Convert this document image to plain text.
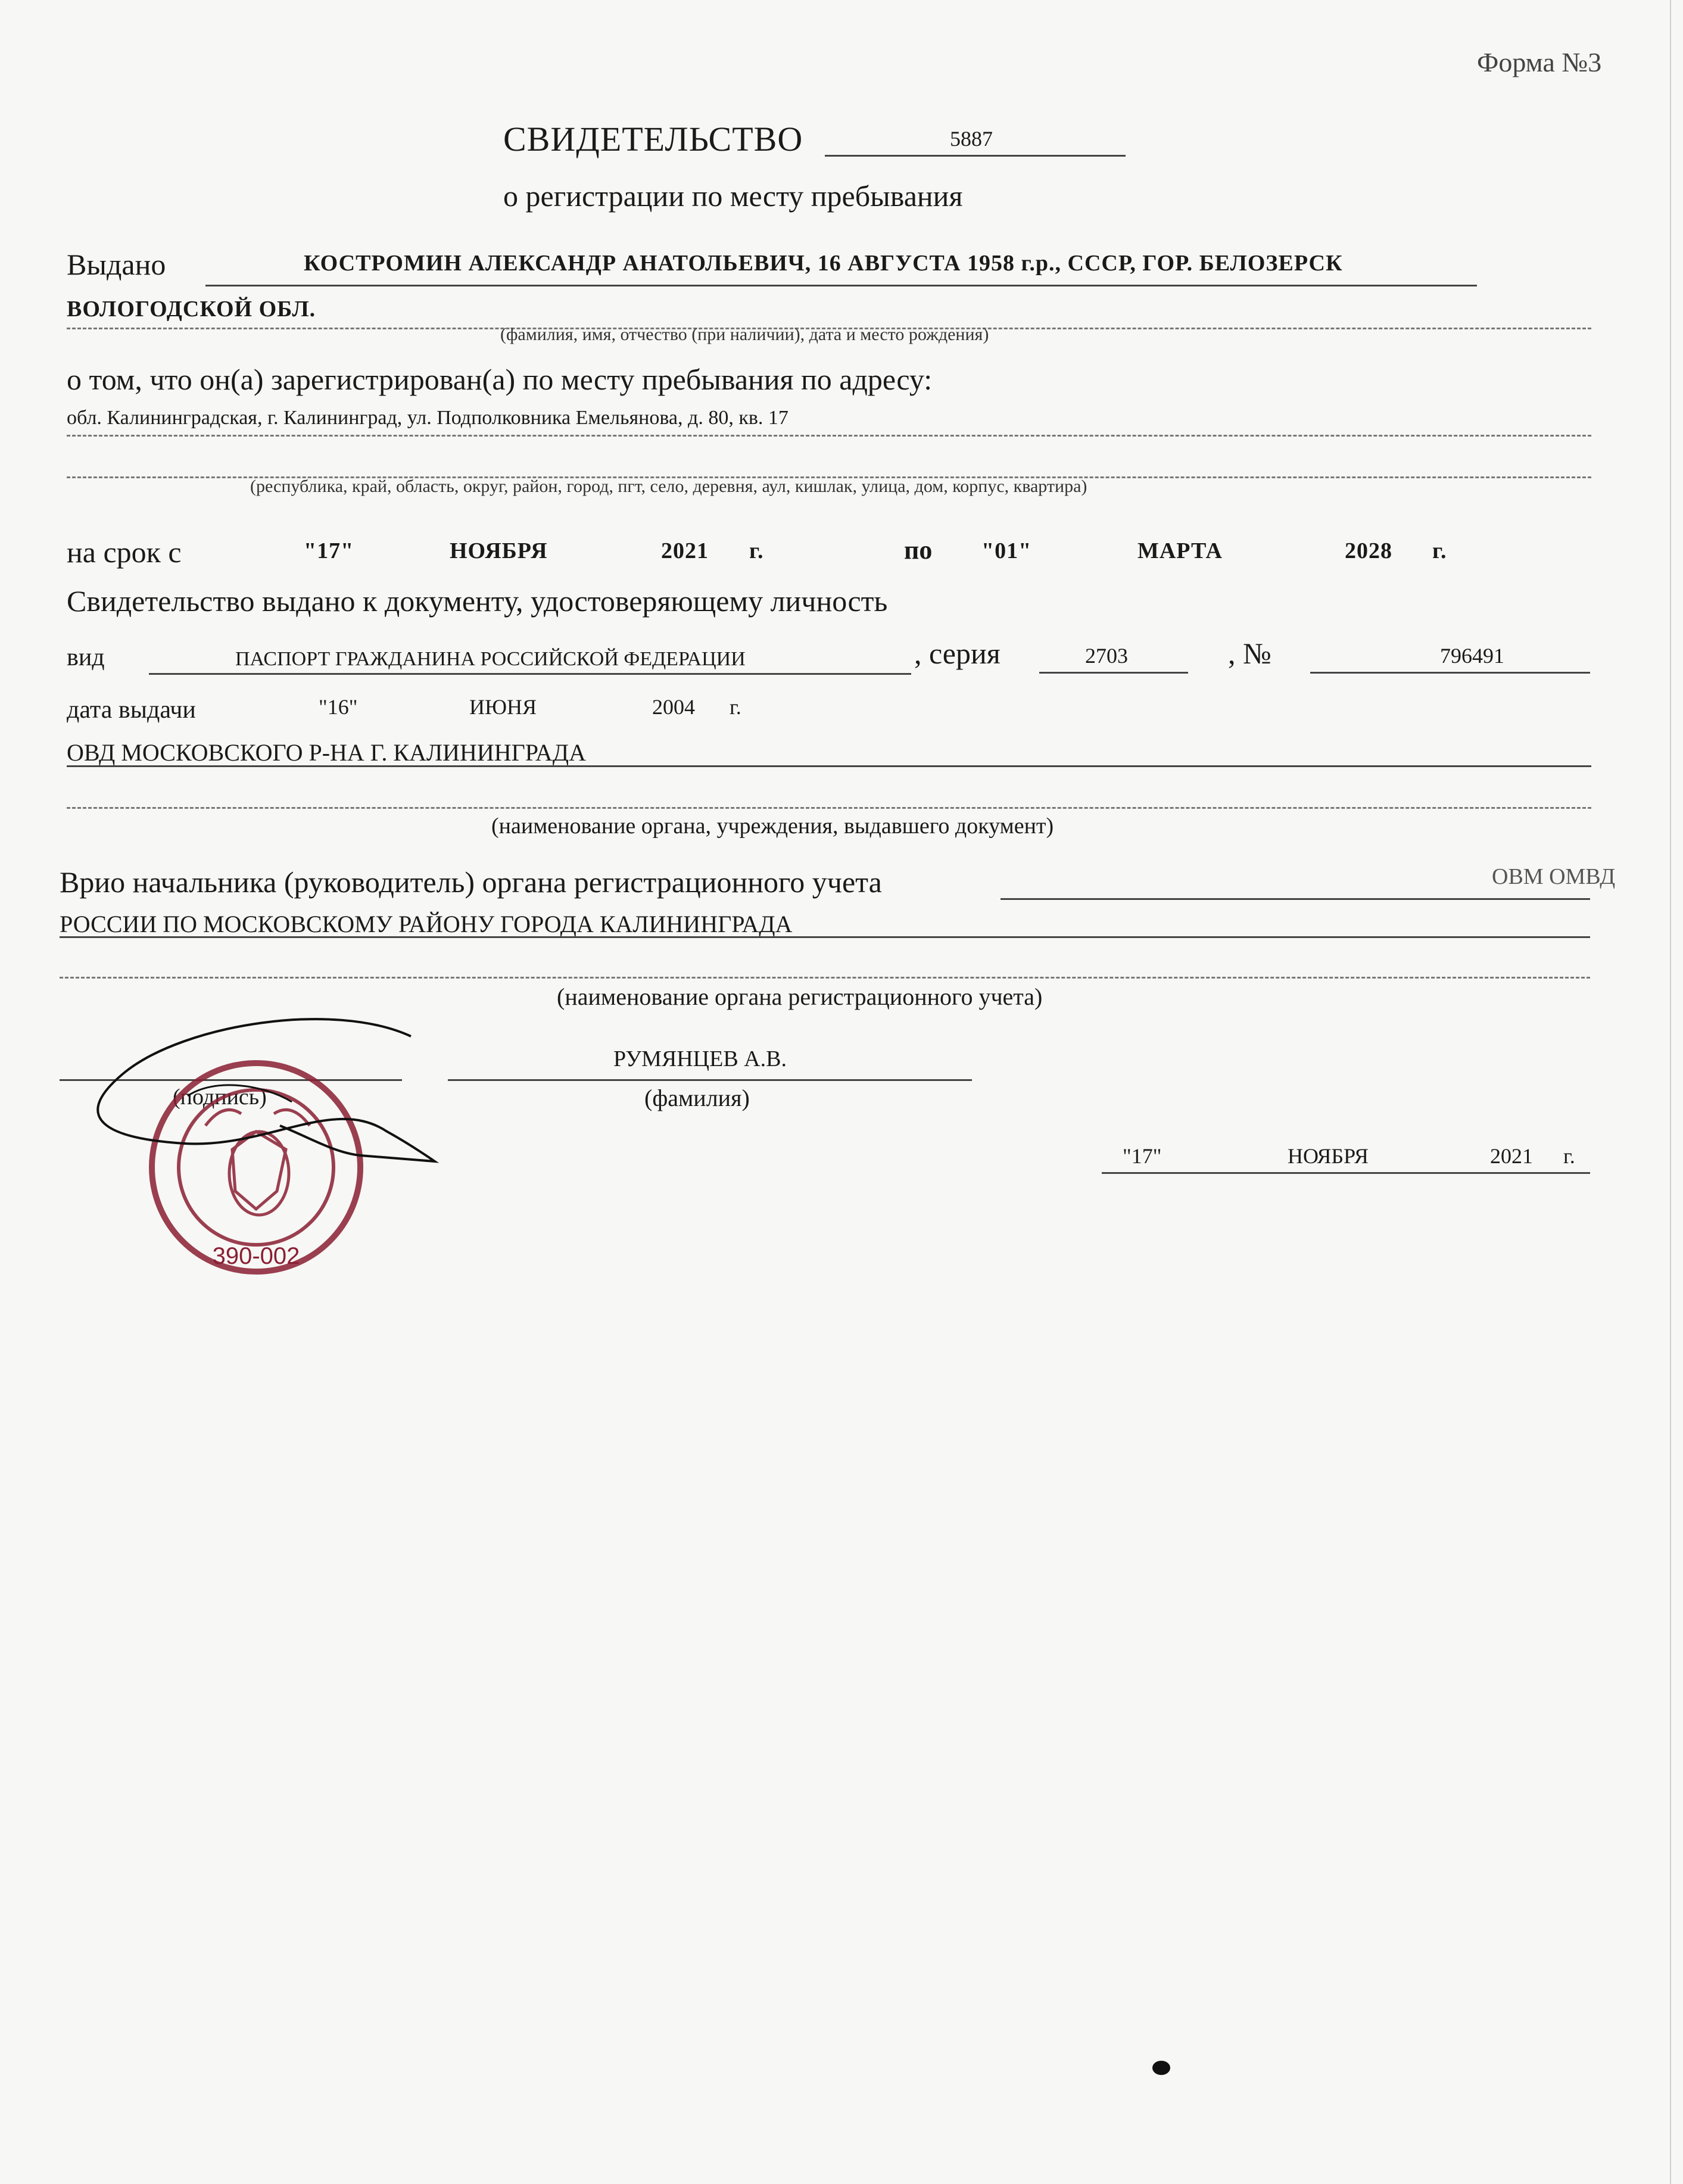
Форма №3
СВИДЕТЕЛЬСТВО	5887
о регистрации по месту пребывания
Выдано	КОСТРОМИН АЛЕКСАНДР АНАТОЛЬЕВИЧ, 16 АВГУСТА 1958 г.р., СССР, ГОР. БЕЛОЗЕРСК
ВОЛОГОДСКОЙ ОБЛ.
(фамилия, имя, отчество (при наличии), дата и место рождения)
о том, что он(а) зарегистрирован(а) по месту пребывания по адресу:
обл. Калининградская, г. Калининград, ул. Подполковника Емельянова, д. 80, кв. 17
(республика, край, область, округ, район, город, пгт, село, деревня, аул, кишлак, улица, дом, корпус, квартира)
на срок с	"17"	НОЯБРЯ	2021 г.	по "01"	МАРТА	2028 г.
Свидетельство выдано к документу, удостоверяющему личность
вид	ПАСПОРТ ГРАЖДАНИНА РОССИЙСКОЙ ФЕДЕРАЦИИ	, серия	2703	, №	796491
дата выдачи	"16"	ИЮНЯ	2004 г.
ОВД МОСКОВСКОГО Р-НА Г. КАЛИНИНГРАДА
(наименование органа, учреждения, выдавшего документ)
Врио начальника (руководитель) органа регистрационного учета	ОВМ ОМВД
РОССИИ ПО МОСКОВСКОМУ РАЙОНУ ГОРОДА КАЛИНИНГРАДА
(наименование органа регистрационного учета)
(подпись)
РУМЯНЦЕВ А.В.
(фамилия)
390-002
"17"	НОЯБРЯ	2021 г.
